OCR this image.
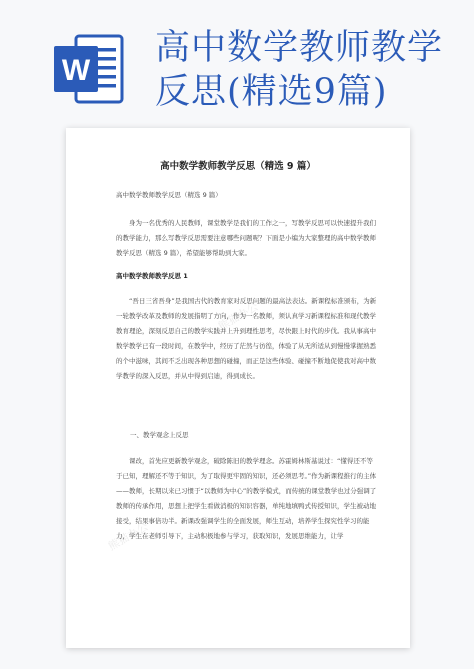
W
高中数学教师教学
反思(精选9篇)
熊猫办公
熊猫办公
高中数学教师教学反思（精选 9 篇）
高中数学教师教学反思（精选 9 篇）

身为一名优秀的人民教师，课堂教学是我们的工作之一，写教学反思可以快速提升我们的教学能力，那么写教学反思需要注意哪些问题呢？下面是小编为大家整理的高中数学教师教学反思（精选 9 篇），希望能够帮助到大家。

高中数学教师教学反思 1

“吾日三省吾身”是我国古代的教育家对反思问题的最高法表达。新课程标准颁布，为新一轮教学改革及教师的发展指明了方向，作为一名教师，须认真学习新课程标准和现代教学教育理论，深刻反思自己的教学实践并上升到理性思考，尽快跟上时代的步伐。我从事高中数学教学已有一段时间，在教学中，经历了茫然与彷徨，体验了从无所适从到慢慢掌握熟悉的个中滋味，其间不乏出现各种思想的碰撞，而正是这些体验、碰撞不断地促使我对高中数学教学的深入反思，并从中得到启迪，得到成长。

一、教学观念上反思

课改，首先应更新教学观念，破除陈旧的教学理念。苏霍姆林斯基说过：“懂得还不等于已知，理解还不等于知识，为了取得更牢固的知识，还必须思考。”作为新课程推行的主体——教师，长期以来已习惯于“以教师为中心”的教学模式，而传统的课堂教学也过分强调了教师的传承作用，思想上把学生看做消极的知识容器，单纯地填鸭式传授知识，学生被动地接受，结果事倍功半。新课改强调学生的全面发展，师生互动，培养学生探究性学习的能力，学生在老师引导下，主动积极地参与学习，获取知识，发展思维能力，让学
